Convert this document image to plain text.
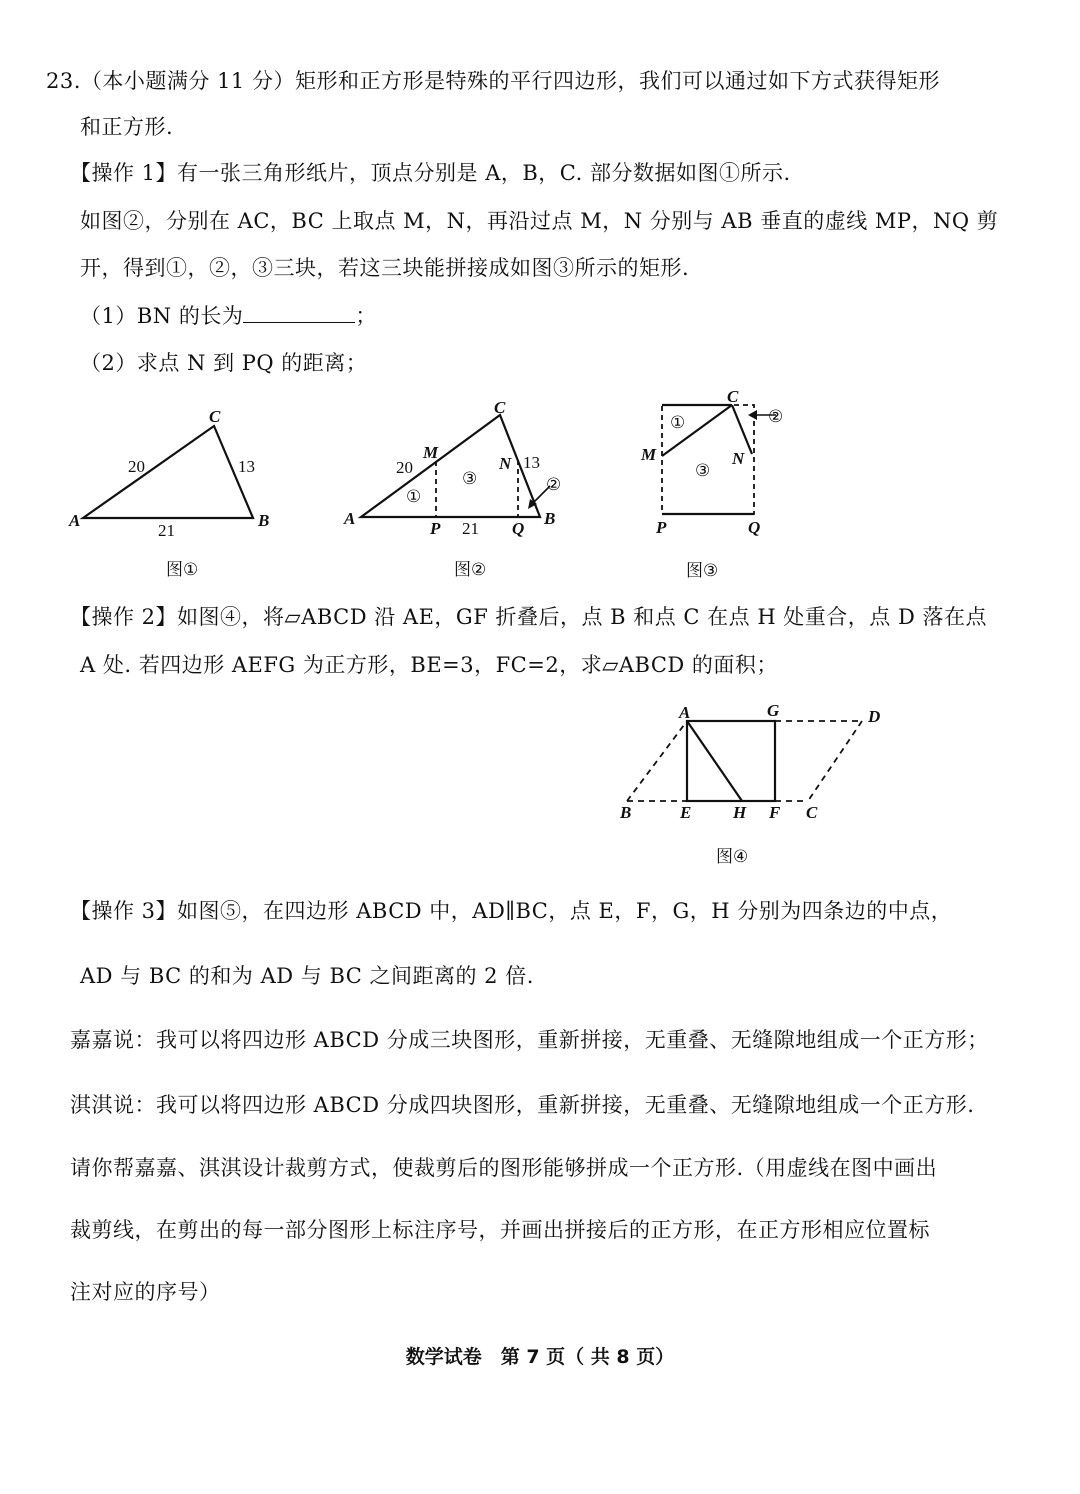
23.（本小题满分 11 分）矩形和正方形是特殊的平行四边形，我们可以通过如下方式获得矩形
和正方形.
【操作 1】有一张三角形纸片，顶点分别是 A，B，C. 部分数据如图①所示.
如图②，分别在 AC，BC 上取点 M，N，再沿过点 M，N 分别与 AB 垂直的虚线 MP，NQ 剪
开，得到①，②，③三块，若这三块能拼接成如图③所示的矩形.
（1）BN 的长为	；
（2）求点 N 到 PQ 的距离；
A	B
C
20	13
21
图①
A	B
C
M
N
P	Q
20	13
21
①
③	②
图②
C
M	N
P	Q
①
③
②
图③
【操作 2】如图④，将▱ABCD 沿 AE，GF 折叠后，点 B 和点 C 在点 H 处重合，点 D 落在点
A 处. 若四边形 AEFG 为正方形，BE=3，FC=2，求▱ABCD 的面积；
A	G	D
B	E H F C
图④
【操作 3】如图⑤，在四边形 ABCD 中，AD∥BC，点 E，F，G，H 分别为四条边的中点，
AD 与 BC 的和为 AD 与 BC 之间距离的 2 倍.
嘉嘉说：我可以将四边形 ABCD 分成三块图形，重新拼接，无重叠、无缝隙地组成一个正方形；
淇淇说：我可以将四边形 ABCD 分成四块图形，重新拼接，无重叠、无缝隙地组成一个正方形.
请你帮嘉嘉、淇淇设计裁剪方式，使裁剪后的图形能够拼成一个正方形.（用虚线在图中画出
裁剪线，在剪出的每一部分图形上标注序号，并画出拼接后的正方形，在正方形相应位置标
注对应的序号）
数学试卷　第 7 页（ 共 8 页）
